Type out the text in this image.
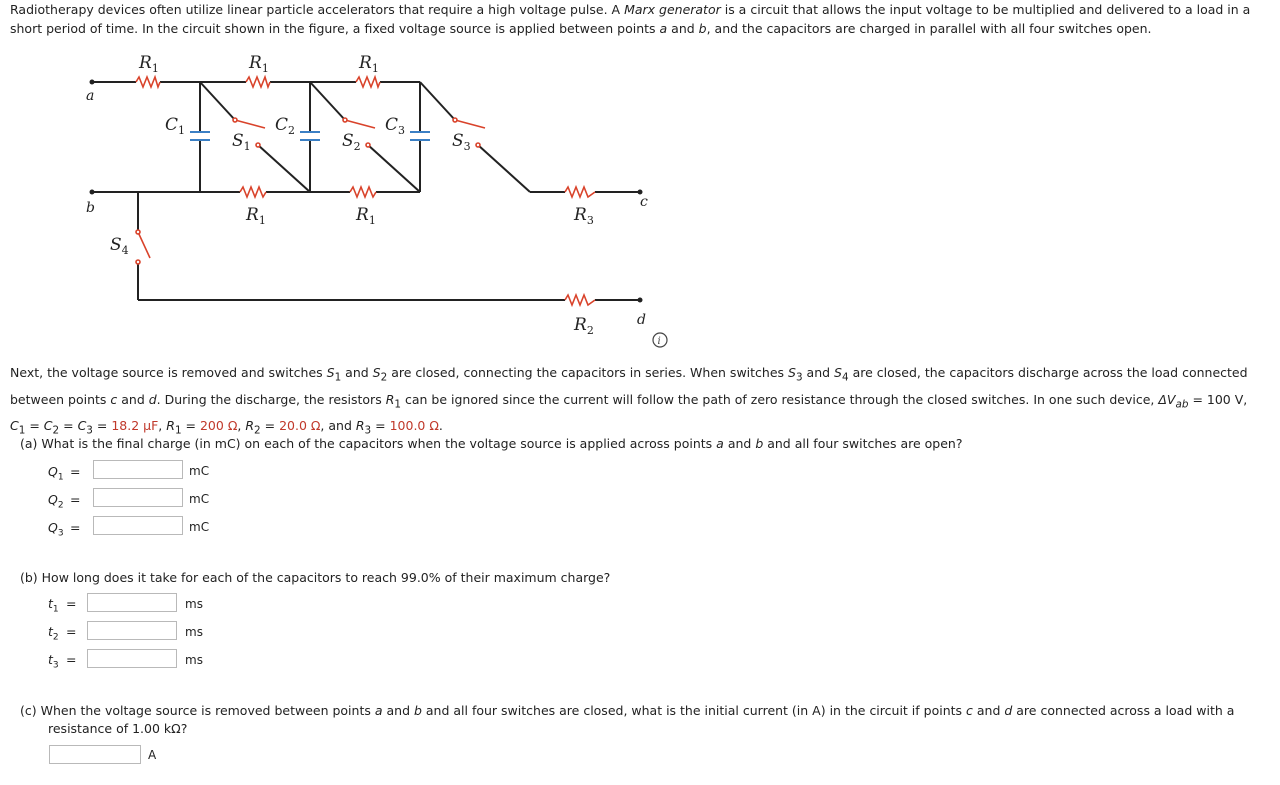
Radiotherapy devices often utilize linear particle accelerators that require a high voltage pulse. A Marx generator is a circuit that allows the input voltage to be multiplied and delivered to a load in a short period of time. In the circuit shown in the figure, a fixed voltage source is applied between points a and b, and the capacitors are charged in parallel with all four switches open.
a
b	c
d
$R_1$	$R_1$	$R_1$
$R_1$	$R_1$	$R_3$
$R_2$
$C_1$	$C_2$	$C_3$
$S_1$	$S_2$	$S_3$
$S_4$
i
Next, the voltage source is removed and switches $S_1$ and $S_2$ are closed, connecting the capacitors in series. When switches $S_3$ and $S_4$ are closed, the capacitors discharge across the load connected between points c and d. During the discharge, the resistors $R_1$ can be ignored since the current will follow the path of zero resistance through the closed switches. In one such device, $\Delta V_{ab} = 100$ V,
$C_1 = C_2 = C_3 = 18.2$ µF, $R_1 = 200$ Ω, $R_2 = 20.0$ Ω, and $R_3 = 100.0$ Ω.
(a) What is the final charge (in mC) on each of the capacitors when the voltage source is applied across points a and b and all four switches are open?
$Q_1$ =	mC
$Q_2$ =	mC
$Q_3$ =	mC
(b) How long does it take for each of the capacitors to reach 99.0% of their maximum charge?
$t_1$ =	ms
$t_2$ =	ms
$t_3$ =	ms
(c) When the voltage source is removed between points a and b and all four switches are closed, what is the initial current (in A) in the circuit if points c and d are connected across a load with a
resistance of 1.00 kΩ?
A
